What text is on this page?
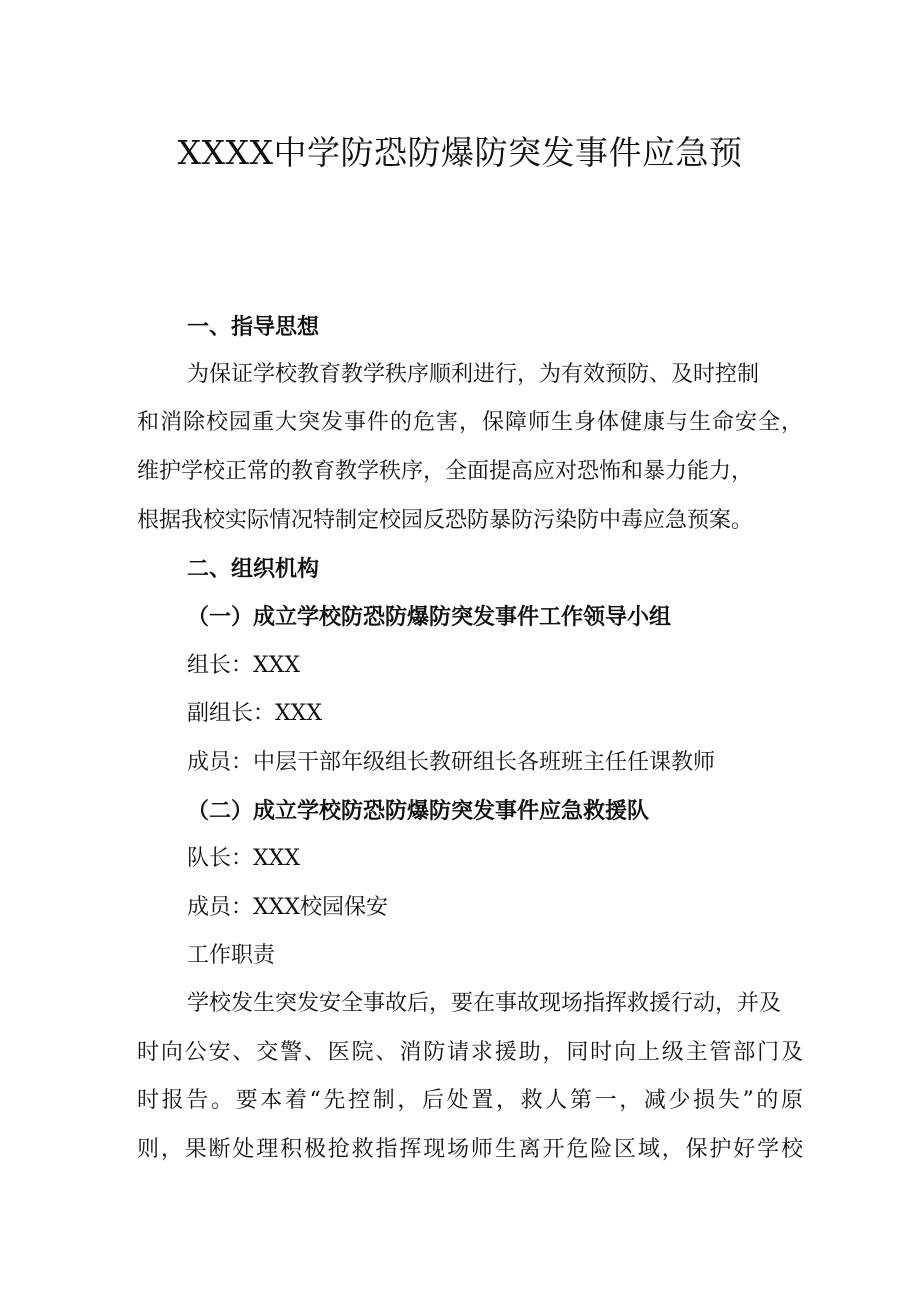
XXXX中学防恐防爆防突发事件应急预
一、指导思想
为保证学校教育教学秩序顺利进行，为有效预防、及时控制
和消除校园重大突发事件的危害，保障师生身体健康与生命安全，
维护学校正常的教育教学秩序，全面提高应对恐怖和暴力能力，
根据我校实际情况特制定校园反恐防暴防污染防中毒应急预案。
二、组织机构
（一）成立学校防恐防爆防突发事件工作领导小组
组长：XXX
副组长：XXX
成员：中层干部年级组长教研组长各班班主任任课教师
（二）成立学校防恐防爆防突发事件应急救援队
队长：XXX
成员：XXX校园保安
工作职责
学校发生突发安全事故后，要在事故现场指挥救援行动，并及
时向公安、交警、医院、消防请求援助，同时向上级主管部门及
时报告。要本着“先控制，后处置，救人第一，减少损失”的原
则，果断处理积极抢救指挥现场师生离开危险区域，保护好学校
